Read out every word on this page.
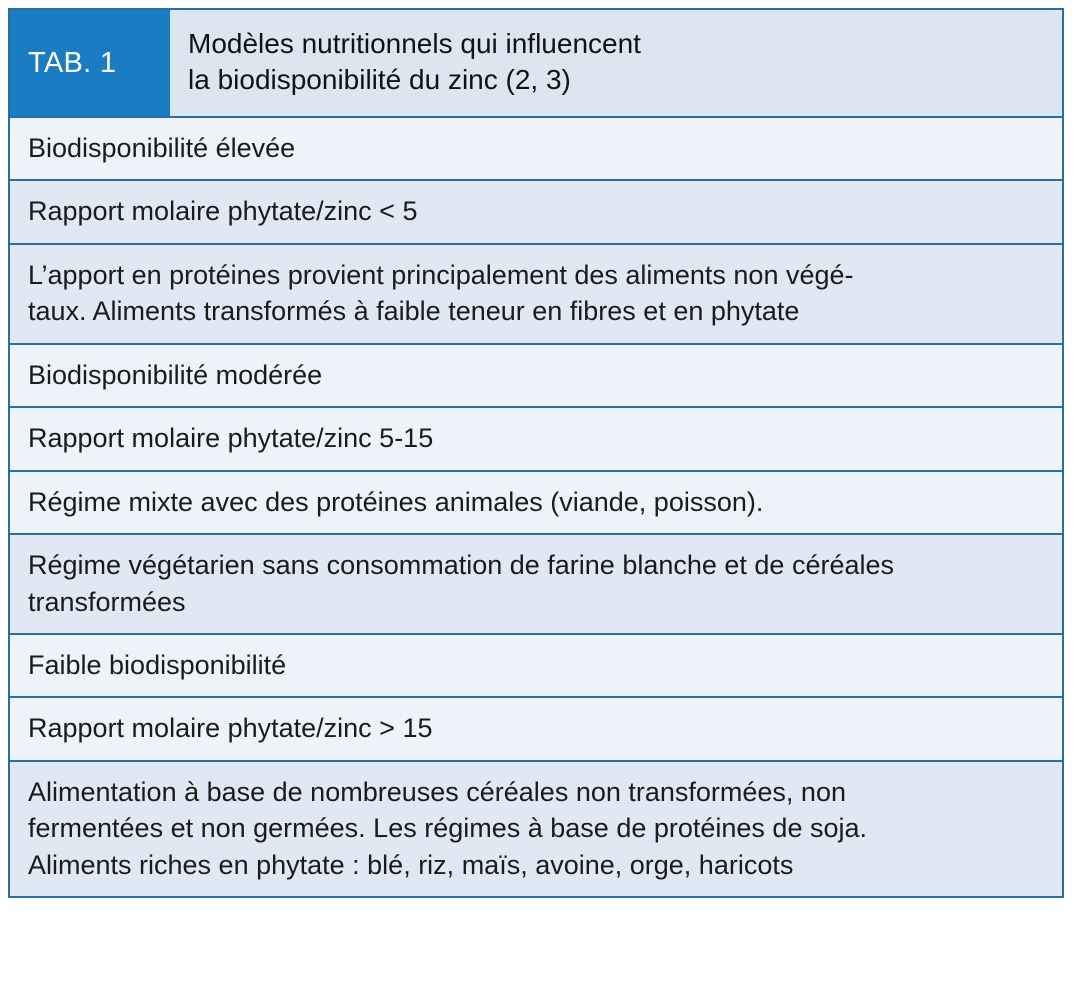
TAB. 1
Modèles nutritionnels qui influencent
la biodisponibilité du zinc (2, 3)
Biodisponibilité élevée
Rapport molaire phytate/zinc < 5
L’apport en protéines provient principalement des aliments non végé-
taux. Aliments transformés à faible teneur en fibres et en phytate
Biodisponibilité modérée
Rapport molaire phytate/zinc 5-15
Régime mixte avec des protéines animales (viande, poisson).
Régime végétarien sans consommation de farine blanche et de céréales
transformées
Faible biodisponibilité
Rapport molaire phytate/zinc > 15
Alimentation à base de nombreuses céréales non transformées, non
fermentées et non germées. Les régimes à base de protéines de soja.
Aliments riches en phytate : blé, riz, maïs, avoine, orge, haricots
